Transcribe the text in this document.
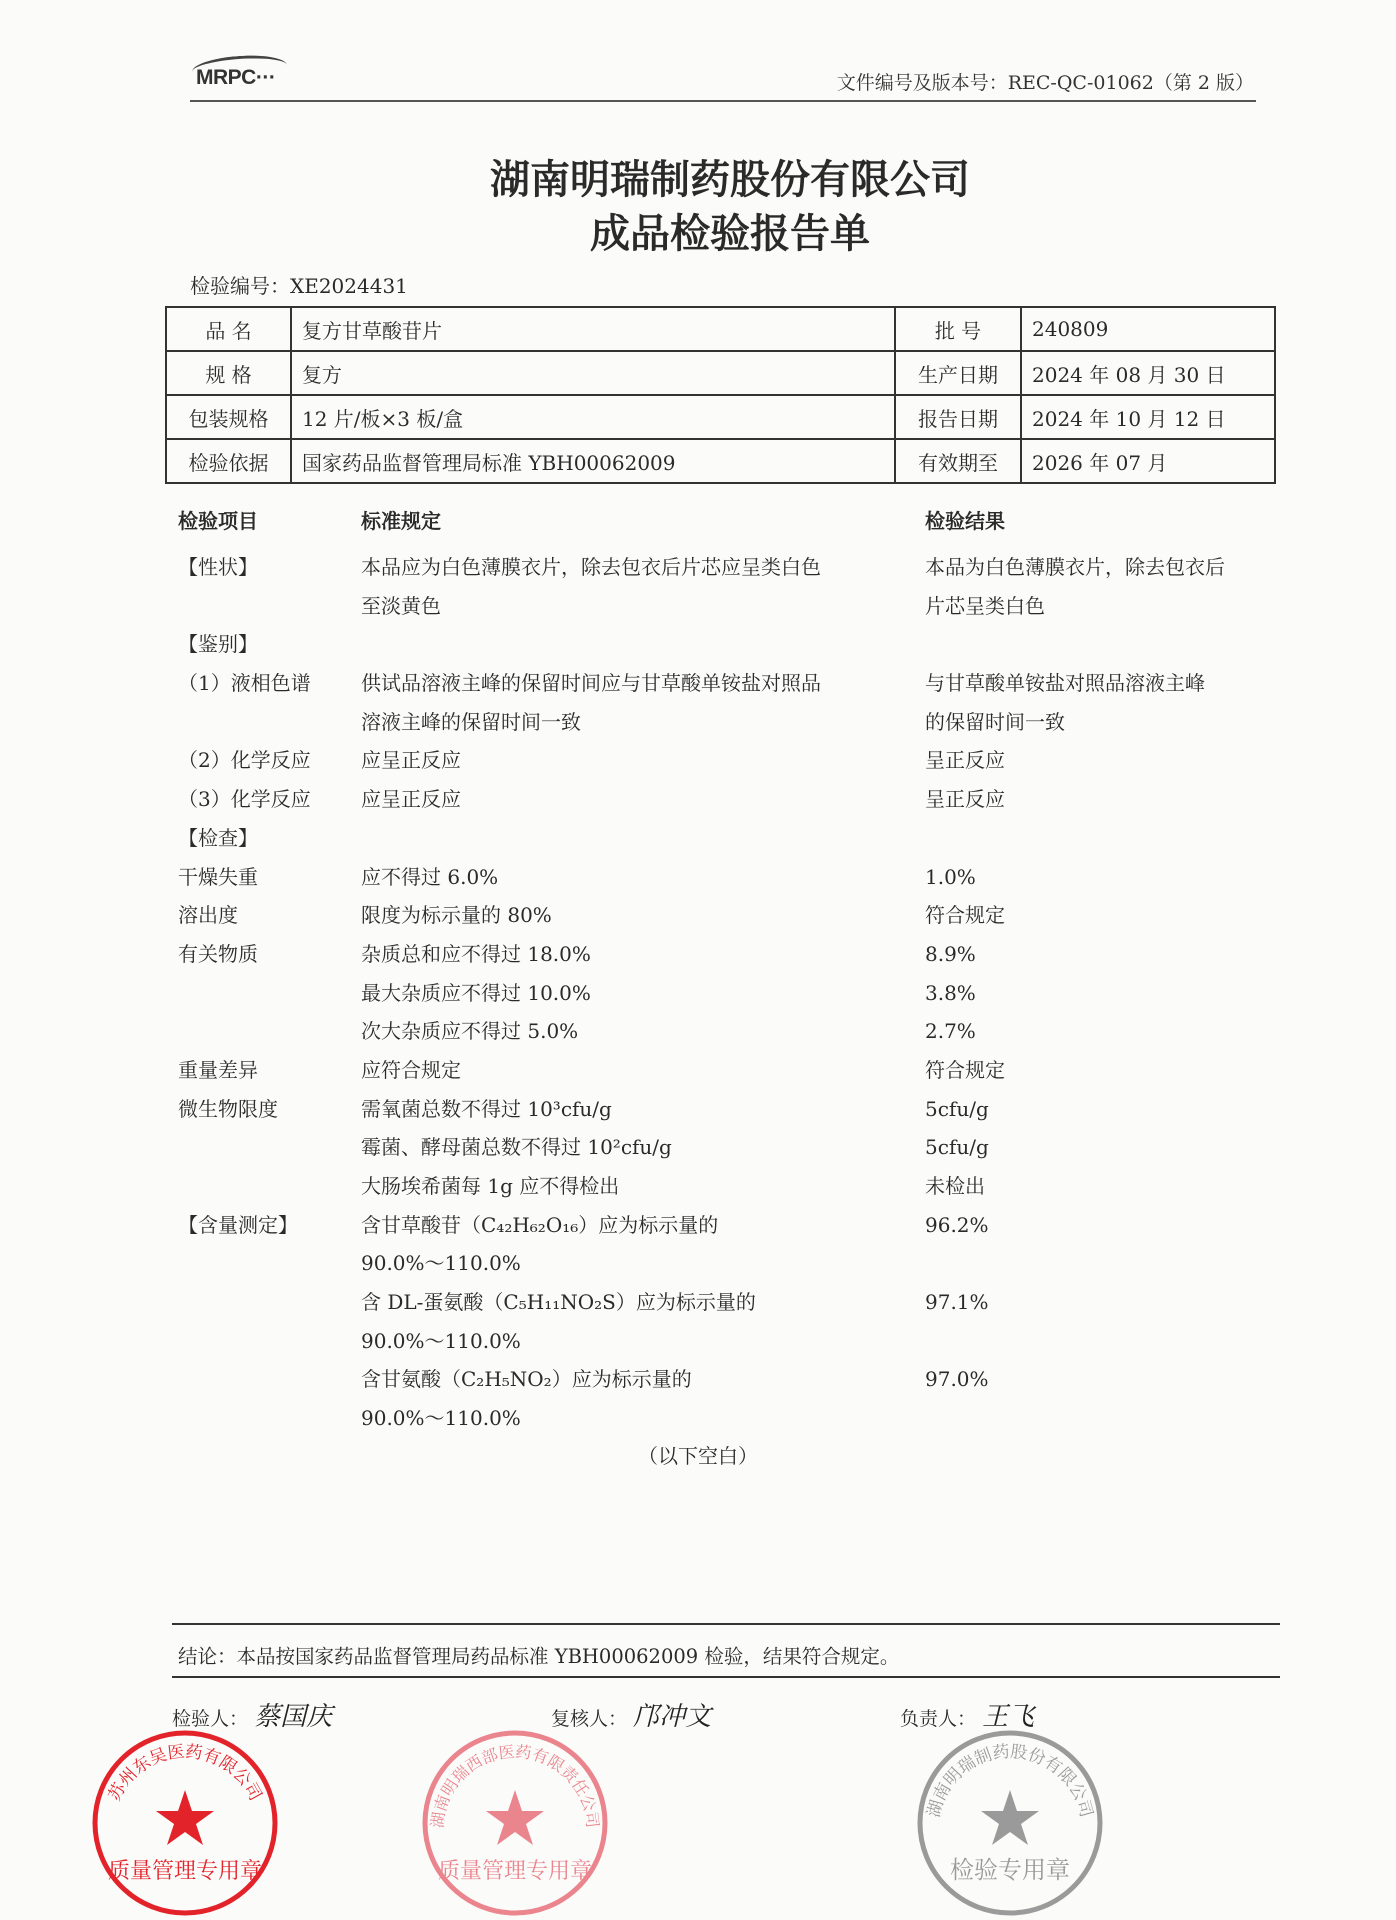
MRPC···	文件编号及版本号：REC-QC-01062（第 2 版）
湖南明瑞制药股份有限公司
成品检验报告单
检验编号：XE2024431
品 名	复方甘草酸苷片	批 号	240809
规 格	复方	生产日期	2024 年 08 月 30 日
包装规格	12 片/板×3 板/盒	报告日期	2024 年 10 月 12 日
检验依据	国家药品监督管理局标准 YBH00062009	有效期至	2026 年 07 月
检验项目	标准规定	检验结果
【性状】	本品应为白色薄膜衣片，除去包衣后片芯应呈类白色	本品为白色薄膜衣片，除去包衣后
至淡黄色	片芯呈类白色
【鉴别】
（1）液相色谱	供试品溶液主峰的保留时间应与甘草酸单铵盐对照品	与甘草酸单铵盐对照品溶液主峰
溶液主峰的保留时间一致	的保留时间一致
（2）化学反应	应呈正反应	呈正反应
（3）化学反应	应呈正反应	呈正反应
【检查】
干燥失重	应不得过 6.0%	1.0%
溶出度	限度为标示量的 80%	符合规定
有关物质	杂质总和应不得过 18.0%	8.9%
最大杂质应不得过 10.0%	3.8%
次大杂质应不得过 5.0%	2.7%
重量差异	应符合规定	符合规定
微生物限度	需氧菌总数不得过 10³cfu/g	5cfu/g
霉菌、酵母菌总数不得过 10²cfu/g	5cfu/g
大肠埃希菌每 1g 应不得检出	未检出
【含量测定】	含甘草酸苷（C₄₂H₆₂O₁₆）应为标示量的	96.2%
90.0%～110.0%
含 DL-蛋氨酸（C₅H₁₁NO₂S）应为标示量的	97.1%
90.0%～110.0%
含甘氨酸（C₂H₅NO₂）应为标示量的	97.0%
90.0%～110.0%
（以下空白）
结论：本品按国家药品监督管理局药品标准 YBH00062009 检验，结果符合规定。
检验人： 蔡国庆	复核人： 邝冲文	负责人： 王飞
苏州东吴医药有限公司
质量管理专用章
湖南明瑞西部医药有限责任公司
质量管理专用章
湖南明瑞制药股份有限公司
检验专用章
